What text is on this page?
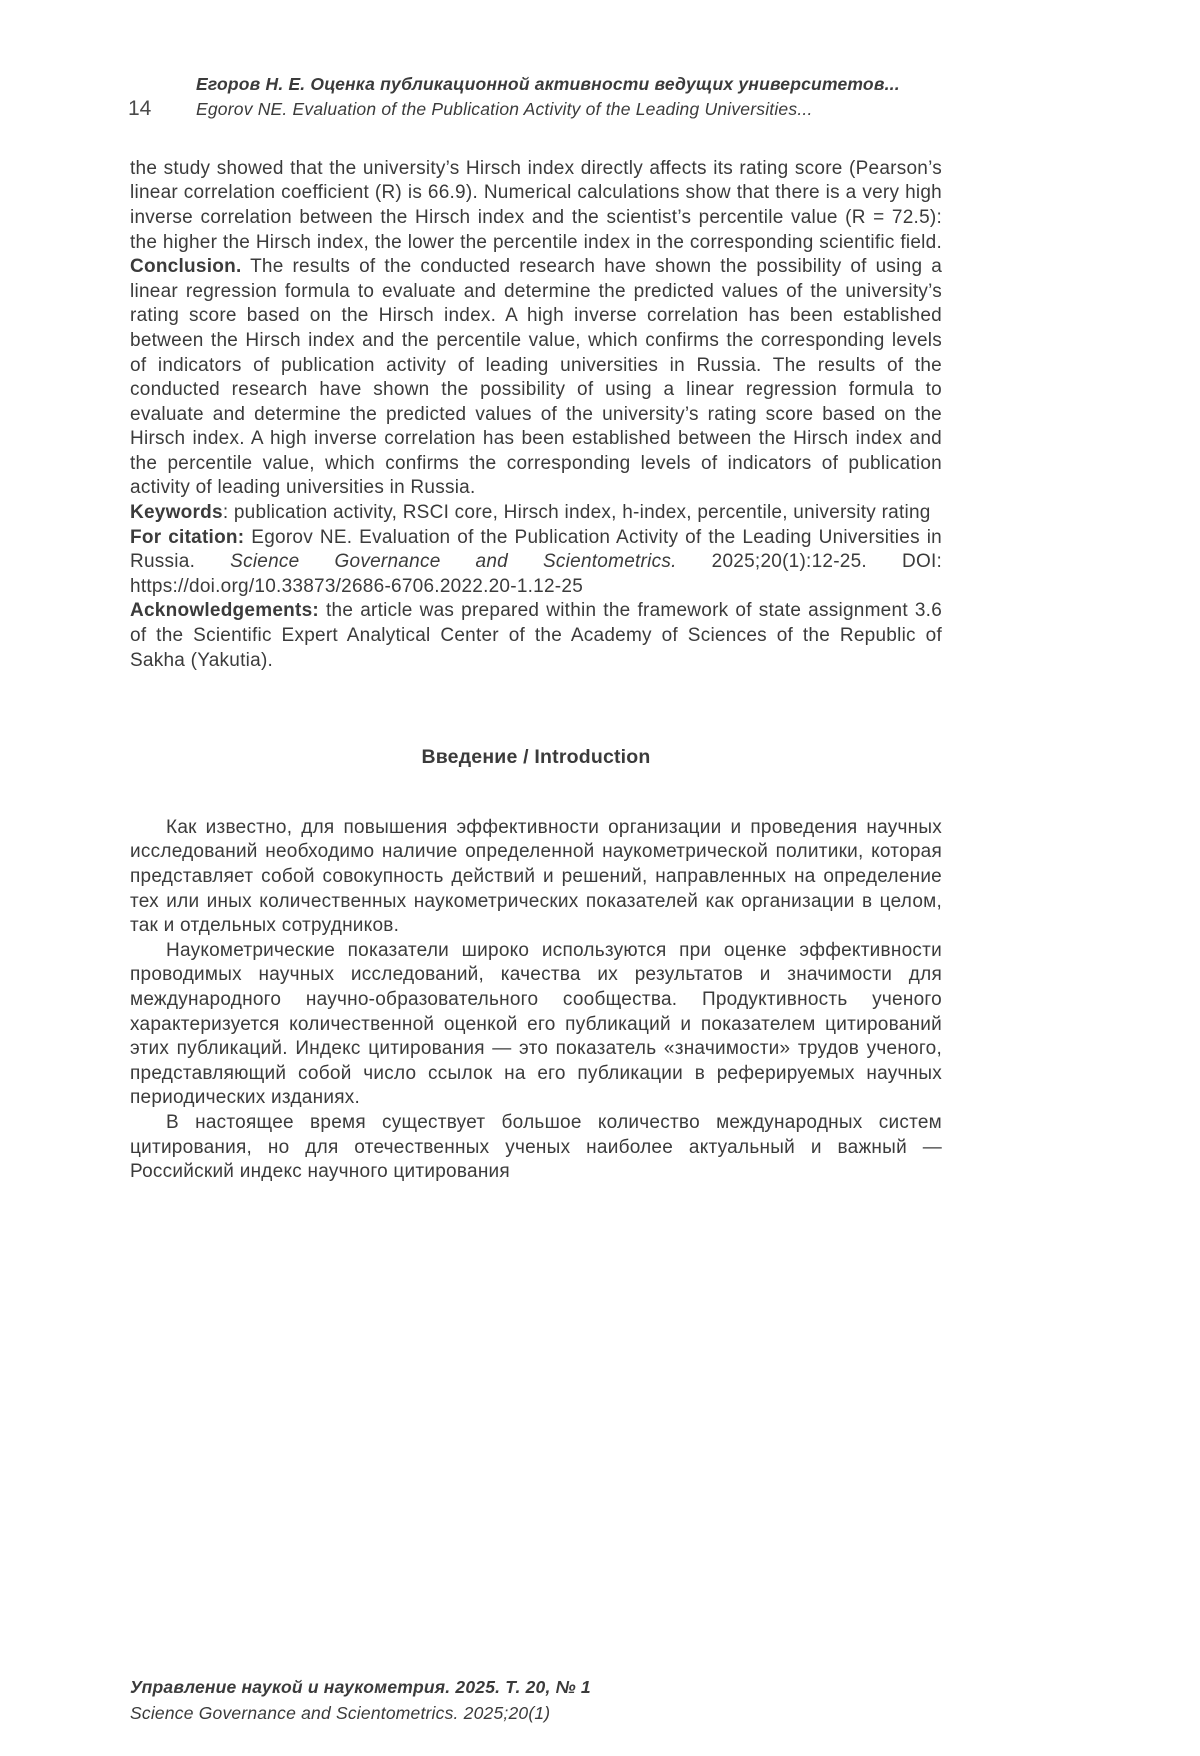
14
Егоров Н. Е. Оценка публикационной активности ведущих университетов...
Egorov NE. Evaluation of the Publication Activity of the Leading Universities...

the study showed that the university’s Hirsch index directly affects its rating score (Pearson’s linear correlation coefficient (R) is 66.9). Numerical calculations show that there is a very high inverse correlation between the Hirsch index and the scientist’s percentile value (R = 72.5): the higher the Hirsch index, the lower the percentile index in the corresponding scientific field. Conclusion. The results of the conducted research have shown the possibility of using a linear regression formula to evaluate and determine the predicted values of the university’s rating score based on the Hirsch index. A high inverse correlation has been established between the Hirsch index and the percentile value, which confirms the corresponding levels of indicators of publication activity of leading universities in Russia. The results of the conducted research have shown the possibility of using a linear regression formula to evaluate and determine the predicted values of the university’s rating score based on the Hirsch index. A high inverse correlation has been established between the Hirsch index and the percentile value, which confirms the corresponding levels of indicators of publication activity of leading universities in Russia.

Keywords: publication activity, RSCI core, Hirsch index, h-index, percentile, university rating

For citation: Egorov NE. Evaluation of the Publication Activity of the Leading Universities in Russia. Science Governance and Scientometrics. 2025;20(1):12-25. DOI: https://doi.org/10.33873/2686-6706.2022.20-1.12-25

Acknowledgements: the article was prepared within the framework of state assignment 3.6 of the Scientific Expert Analytical Center of the Academy of Sciences of the Republic of Sakha (Yakutia).

Введение / Introduction

Как известно, для повышения эффективности организации и проведения научных исследований необходимо наличие определенной наукометрической политики, которая представляет собой совокупность действий и решений, направленных на определение тех или иных количественных наукометрических показателей как организации в целом, так и отдельных сотрудников.

Наукометрические показатели широко используются при оценке эффективности проводимых научных исследований, качества их результатов и значимости для международного научно-образовательного сообщества. Продуктивность ученого характеризуется количественной оценкой его публикаций и показателем цитирований этих публикаций. Индекс цитирования — это показатель «значимости» трудов ученого, представляющий собой число ссылок на его публикации в реферируемых научных периодических изданиях.

В настоящее время существует большое количество международных систем цитирования, но для отечественных ученых наиболее актуальный и важный — Российский индекс научного цитирования

Управление наукой и наукометрия. 2025. Т. 20, № 1
Science Governance and Scientometrics. 2025;20(1)
